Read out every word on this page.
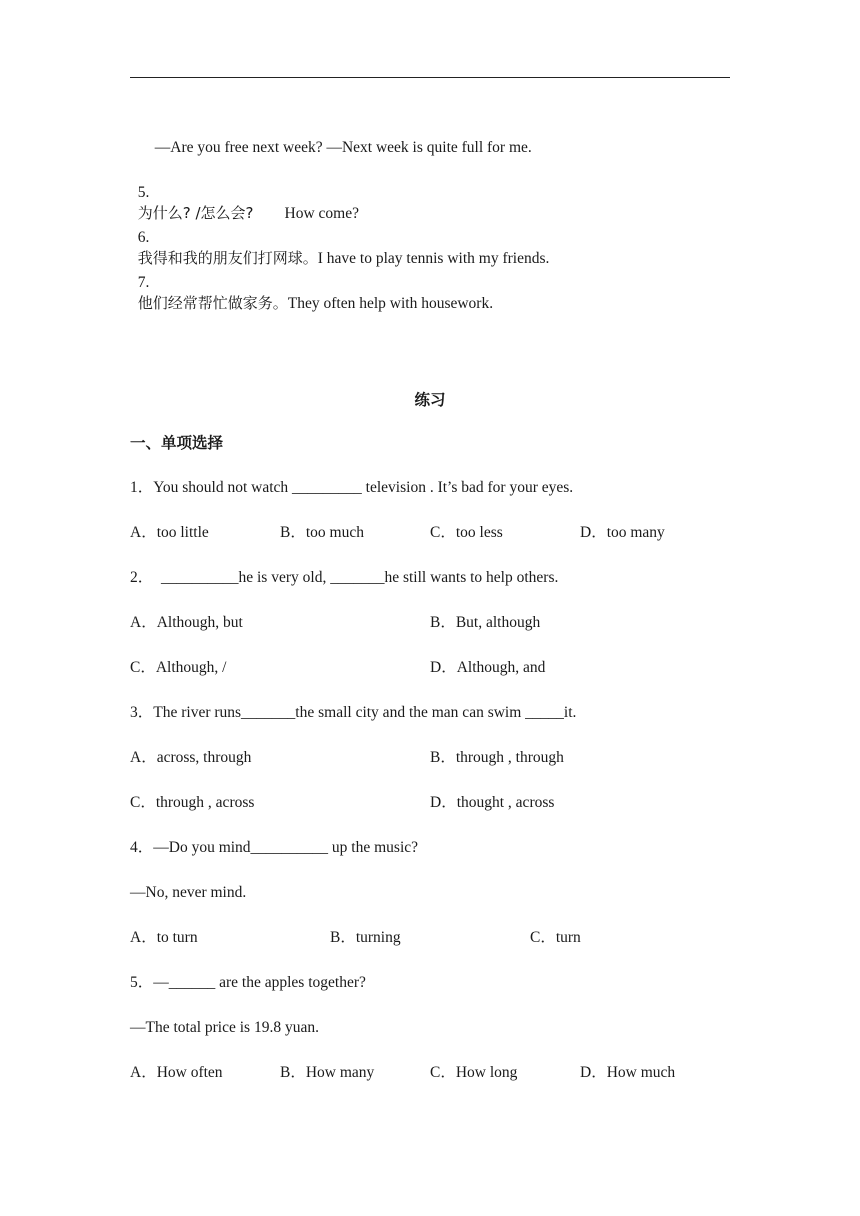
—Are you free next week? —Next week is quite full for me.

5.
为什么? /怎么会? How come?

6.
我得和我的朋友们打网球。I have to play tennis with my friends.

7.
他们经常帮忙做家务。They often help with housework.

练习
一、单项选择
1．You should not watch _________ television . It’s bad for your eyes.
A．too little	B．too much	C．too less	D．too many
2．  __________he is very old, _______he still wants to help others.
A．Although, but	B．But, although
C．Although, /	D．Although, and
3．The river runs_______the small city and the man can swim _____it.
A．across, through	B．through , through
C．through , across	D．thought , across
4．—Do you mind__________ up the music?
—No, never mind.
A．to turn	B．turning	C．turn
5．—______ are the apples together?
—The total price is 19.8 yuan.
A．How often	B．How many	C．How long	D．How much
